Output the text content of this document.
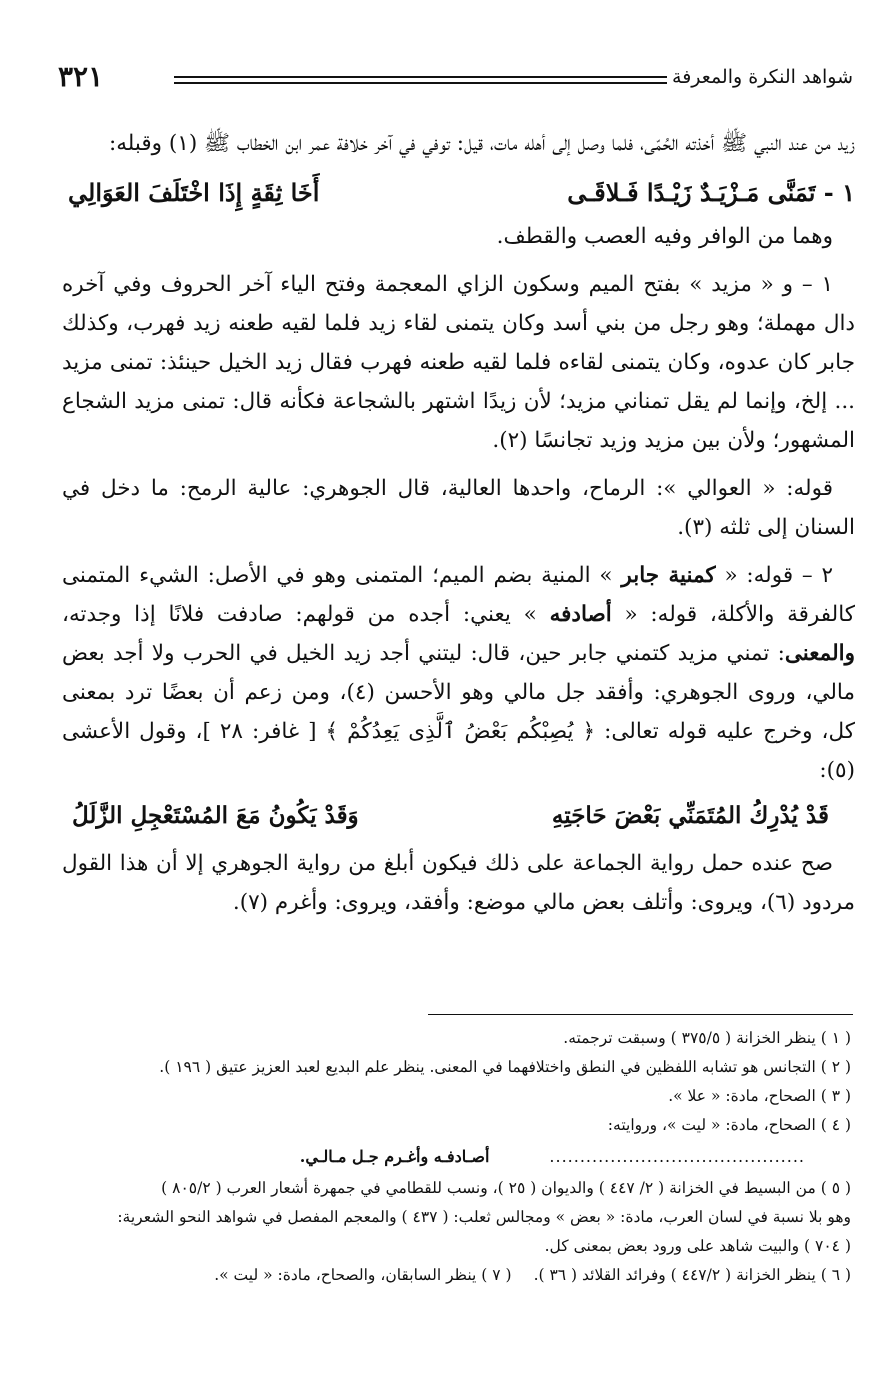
شواهد النكرة والمعرفة
٣٢١

زيد من عند النبي ﷺ أخذته الحُمّى، فلما وصل إلى أهله مات، قيل: توفي في آخر خلافة عمر ابن الخطاب ﷺ (١) وقبله:

١ - تَمَنَّى مَـزْيَـدٌ زَيْـدًا فَـلاقَـى
أَخَا ثِقَةٍ إِذَا اخْتَلَفَ العَوَالِي

وهما من الوافر وفيه العصب والقطف.

١ – و « مزيد » بفتح الميم وسكون الزاي المعجمة وفتح الياء آخر الحروف وفي آخره دال مهملة؛ وهو رجل من بني أسد وكان يتمنى لقاء زيد فلما لقيه طعنه زيد فهرب، وكذلك جابر كان عدوه، وكان يتمنى لقاءه فلما لقيه طعنه فهرب فقال زيد الخيل حينئذ: تمنى مزيد ... إلخ، وإنما لم يقل تمناني مزيد؛ لأن زيدًا اشتهر بالشجاعة فكأنه قال: تمنى مزيد الشجاع المشهور؛ ولأن بين مزيد وزيد تجانسًا (٢).

قوله: « العوالي »: الرماح، واحدها العالية، قال الجوهري: عالية الرمح: ما دخل في السنان إلى ثلثه (٣).

٢ – قوله: « كمنية جابر » المنية بضم الميم؛ المتمنى وهو في الأصل: الشيء المتمنى كالفرقة والأكلة، قوله: « أصادفه » يعني: أجده من قولهم: صادفت فلانًا إذا وجدته، والمعنى: تمني مزيد كتمني جابر حين، قال: ليتني أجد زيد الخيل في الحرب ولا أجد بعض مالي، وروى الجوهري: وأفقد جل مالي وهو الأحسن (٤)، ومن زعم أن بعضًا ترد بمعنى كل، وخرج عليه قوله تعالى: ﴿ يُصِبْكُم بَعْضُ ٱلَّذِى يَعِدُكُمْ ﴾ [ غافر: ٢٨ ]، وقول الأعشى (٥):

قَدْ يُدْرِكُ المُتَمَنِّي بَعْضَ حَاجَتِهِ
وَقَدْ يَكُونُ مَعَ المُسْتَعْجِلِ الزَّلَلُ

صح عنده حمل رواية الجماعة على ذلك فيكون أبلغ من رواية الجوهري إلا أن هذا القول مردود (٦)، ويروى: وأتلف بعض مالي موضع: وأفقد، ويروى: وأغرم (٧).

( ١ ) ينظر الخزانة ( ٣٧٥/٥ ) وسبقت ترجمته.

( ٢ ) التجانس هو تشابه اللفظين في النطق واختلافهما في المعنى. ينظر علم البديع لعبد العزيز عتيق ( ١٩٦ ).

( ٣ ) الصحاح، مادة: « علا ».

( ٤ ) الصحاح، مادة: « ليت »، وروايته:

..........................................
أصـادفـه وأغـرم جـل مـالـي.

( ٥ ) من البسيط في الخزانة ( ٢/ ٤٤٧ ) والديوان ( ٢٥ )، ونسب للقطامي في جمهرة أشعار العرب ( ٨٠٥/٢ )

وهو بلا نسبة في لسان العرب، مادة: « بعض » ومجالس ثعلب: ( ٤٣٧ ) والمعجم المفصل في شواهد النحو الشعرية:

( ٧٠٤ ) والبيت شاهد على ورود بعض بمعنى كل.

( ٦ ) ينظر الخزانة ( ٤٤٧/٢ ) وفرائد القلائد ( ٣٦ ).
( ٧ ) ينظر السابقان، والصحاح، مادة: « ليت ».
